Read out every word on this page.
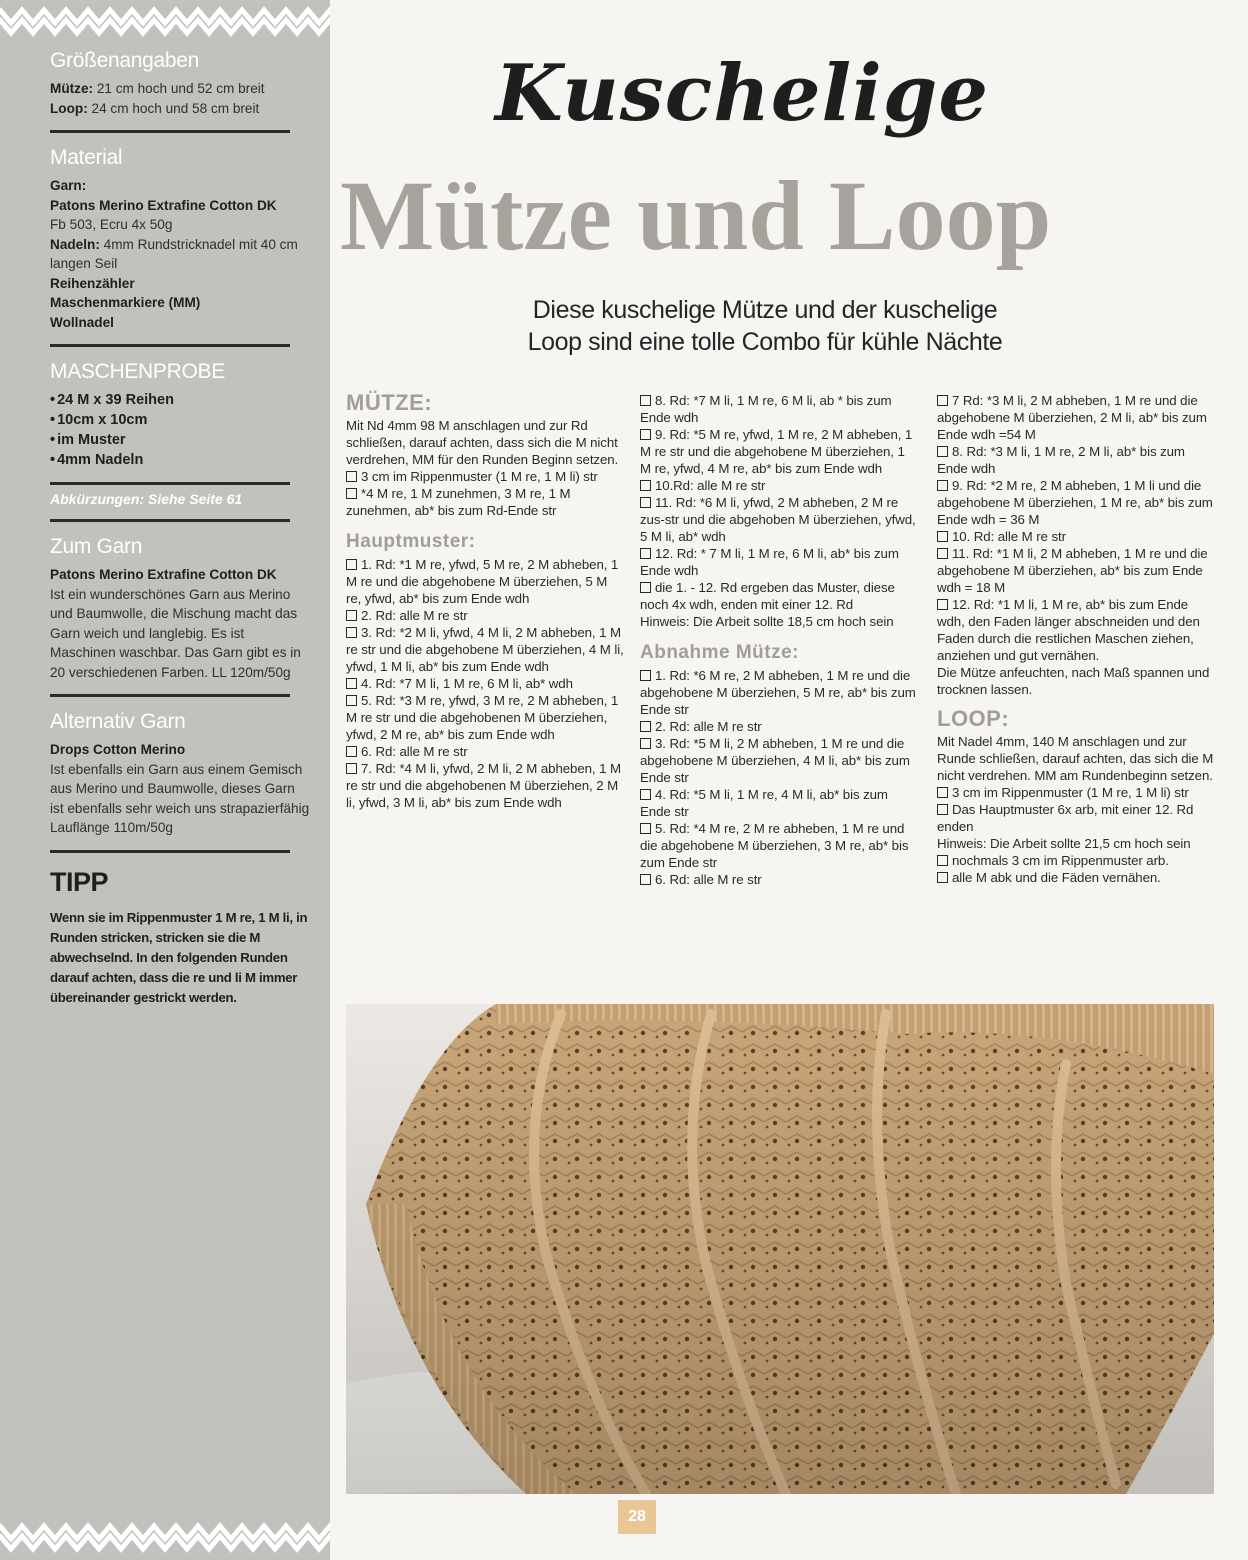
Größenangaben
Mütze: 21 cm hoch und 52 cm breit
Loop: 24 cm hoch und 58 cm breit
Material
Garn:
Patons Merino Extrafine Cotton DK
Fb 503, Ecru 4x 50g
Nadeln: 4mm Rundstricknadel mit 40 cm langen Seil
Reihenzähler
Maschenmarkiere (MM)
Wollnadel
MASCHENPROBE
• 24 M x 39 Reihen
• 10cm x 10cm
• im Muster
• 4mm Nadeln
Abkürzungen: Siehe Seite 61
Zum Garn
Patons Merino Extrafine Cotton DK
Ist ein wunderschönes Garn aus Merino und Baumwolle, die Mischung macht das Garn weich und langlebig. Es ist Maschinen waschbar. Das Garn gibt es in 20 verschiedenen Farben. LL 120m/50g
Alternativ Garn
Drops Cotton Merino
Ist ebenfalls ein Garn aus einem Gemisch aus Merino und Baumwolle, dieses Garn ist ebenfalls sehr weich uns strapazierfähig Lauflänge 110m/50g
TIPP
Wenn sie im Rippenmuster 1 M re, 1 M li, in Runden stricken, stricken sie die M abwechselnd. In den folgenden Runden darauf achten, dass die re und li M immer übereinander gestrickt werden.
Kuschelige
Mütze und Loop
Diese kuschelige Mütze und der kuschelige
Loop sind eine tolle Combo für kühle Nächte
MÜTZE:

Mit Nd 4mm 98 M anschlagen und zur Rd schließen, darauf achten, dass sich die M nicht verdrehen, MM für den Runden Beginn setzen.

3 cm im Rippenmuster (1 M re, 1 M li) str

*4 M re, 1 M zunehmen, 3 M re, 1 M zunehmen, ab* bis zum Rd-Ende str

Hauptmuster:

1. Rd: *1 M re, yfwd, 5 M re, 2 M abheben, 1 M re und die abgehobene M überziehen, 5 M re, yfwd, ab* bis zum Ende wdh

2. Rd: alle M re str

3. Rd: *2 M li, yfwd, 4 M li, 2 M abheben, 1 M re str und die abgehobene M überziehen, 4 M li, yfwd, 1 M li, ab* bis zum Ende wdh

4. Rd: *7 M li, 1 M re, 6 M li, ab* wdh

5. Rd: *3 M re, yfwd, 3 M re, 2 M abheben, 1 M re str und die abgehobenen M überziehen, yfwd, 2 M re, ab* bis zum Ende wdh

6. Rd: alle M re str

7. Rd: *4 M li, yfwd, 2 M li, 2 M abheben, 1 M re str und die abgehobenen M überziehen, 2 M li, yfwd, 3 M li, ab* bis zum Ende wdh

8. Rd: *7 M li, 1 M re, 6 M li, ab * bis zum Ende wdh

9. Rd: *5 M re, yfwd, 1 M re, 2 M abheben, 1 M re str und die abgehobene M überziehen, 1 M re, yfwd, 4 M re, ab* bis zum Ende wdh

10.Rd: alle M re str

11. Rd: *6 M li, yfwd, 2 M abheben, 2 M re zus-str und die abgehoben M überziehen, yfwd, 5 M li, ab* wdh

12. Rd: * 7 M li, 1 M re, 6 M li, ab* bis zum Ende wdh

die 1. - 12. Rd ergeben das Muster, diese noch 4x wdh, enden mit einer 12. Rd

Hinweis: Die Arbeit sollte 18,5 cm hoch sein

Abnahme Mütze:

1. Rd: *6 M re, 2 M abheben, 1 M re und die abgehobene M überziehen, 5 M re, ab* bis zum Ende str

2. Rd: alle M re str

3. Rd: *5 M li, 2 M abheben, 1 M re und die abgehobene M überziehen, 4 M li, ab* bis zum Ende str

4. Rd: *5 M li, 1 M re, 4 M li, ab* bis zum Ende str

5. Rd: *4 M re, 2 M re abheben, 1 M re und die abgehobene M überziehen, 3 M re, ab* bis zum Ende str

6. Rd: alle M re str

7 Rd: *3 M li, 2 M abheben, 1 M re und die abgehobene M überziehen, 2 M li, ab* bis zum Ende wdh =54 M

8. Rd: *3 M li, 1 M re, 2 M li, ab* bis zum Ende wdh

9. Rd: *2 M re, 2 M abheben, 1 M li und die abgehobene M überziehen, 1 M re, ab* bis zum Ende wdh = 36 M

10. Rd: alle M re str

11. Rd: *1 M li, 2 M abheben, 1 M re und die abgehobene M überziehen, ab* bis zum Ende wdh = 18 M

12. Rd: *1 M li, 1 M re, ab* bis zum Ende wdh, den Faden länger abschneiden und den Faden durch die restlichen Maschen ziehen, anziehen und gut vernähen.

Die Mütze anfeuchten, nach Maß spannen und trocknen lassen.

LOOP:

Mit Nadel 4mm, 140 M anschlagen und zur Runde schließen, darauf achten, das sich die M nicht verdrehen. MM am Rundenbeginn setzen.

3 cm im Rippenmuster (1 M re, 1 M li) str

Das Hauptmuster 6x arb, mit einer 12. Rd enden

Hinweis: Die Arbeit sollte 21,5 cm hoch sein

nochmals 3 cm im Rippenmuster arb.

alle M abk und die Fäden vernähen.

28
